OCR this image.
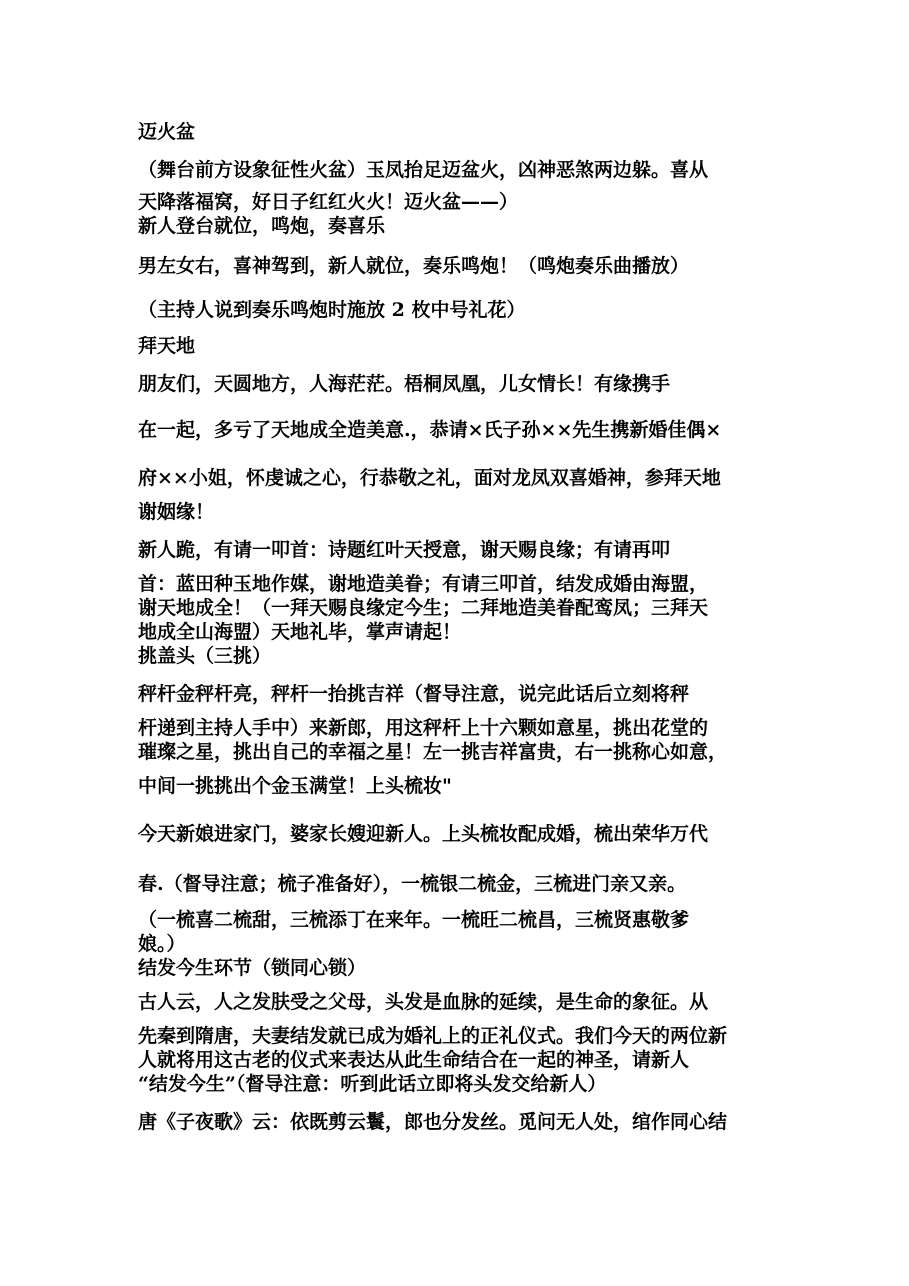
迈火盆
（舞台前方设象征性火盆）玉凤抬足迈盆火，凶神恶煞两边躲。喜从
天降落福窝，好日子红红火火！迈火盆——）
新人登台就位，鸣炮，奏喜乐
男左女右，喜神驾到，新人就位，奏乐鸣炮！（鸣炮奏乐曲播放）
（主持人说到奏乐鸣炮时施放 2 枚中号礼花）
拜天地
朋友们，天圆地方，人海茫茫。梧桐凤凰，儿女情长！有缘携手
在一起，多亏了天地成全造美意.，恭请×氏子孙××先生携新婚佳偶×
府××小姐，怀虔诚之心，行恭敬之礼，面对龙凤双喜婚神，参拜天地
谢姻缘！
新人跪，有请一叩首：诗题红叶天授意，谢天赐良缘；有请再叩
首：蓝田种玉地作媒，谢地造美眷；有请三叩首，结发成婚由海盟，
谢天地成全！（一拜天赐良缘定今生；二拜地造美眷配鸾凤；三拜天
地成全山海盟）天地礼毕，掌声请起！
挑盖头（三挑）
秤杆金秤杆亮，秤杆一抬挑吉祥（督导注意，说完此话后立刻将秤
杆递到主持人手中）来新郎，用这秤杆上十六颗如意星，挑出花堂的
璀璨之星，挑出自己的幸福之星！左一挑吉祥富贵，右一挑称心如意，
中间一挑挑出个金玉满堂！上头梳妆"
今天新娘进家门，婆家长嫂迎新人。上头梳妆配成婚，梳出荣华万代
春.（督导注意；梳子准备好），一梳银二梳金，三梳进门亲又亲。
（一梳喜二梳甜，三梳添丁在来年。一梳旺二梳昌，三梳贤惠敬爹
娘。）
结发今生环节（锁同心锁）
古人云，人之发肤受之父母，头发是血脉的延续，是生命的象征。从
先秦到隋唐，夫妻结发就已成为婚礼上的正礼仪式。我们今天的两位新
人就将用这古老的仪式来表达从此生命结合在一起的神圣，请新人
“结发今生”（督导注意：听到此话立即将头发交给新人）
唐《子夜歌》云：依既剪云鬟，郎也分发丝。觅问无人处，绾作同心结
